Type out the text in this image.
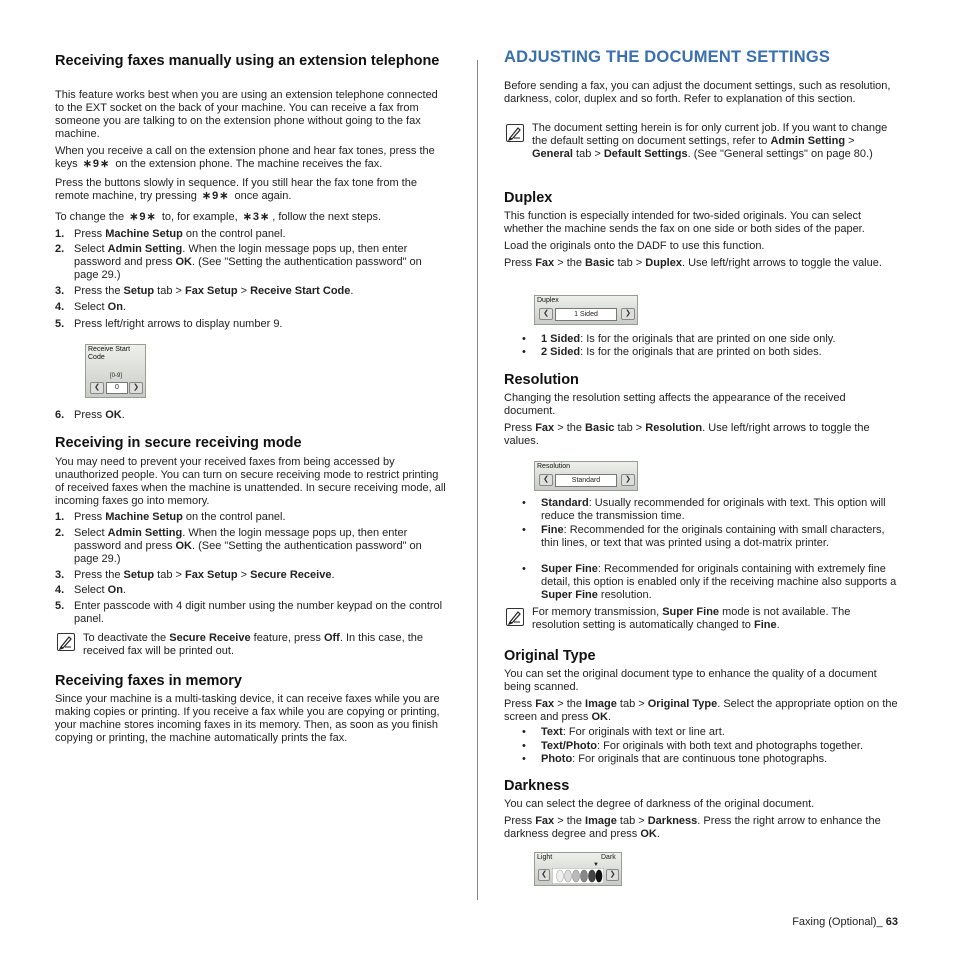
Receiving faxes manually using an extension telephone

This feature works best when you are using an extension telephone connected to the EXT socket on the back of your machine. You can receive a fax from someone you are talking to on the extension phone without going to the fax machine.

When you receive a call on the extension phone and hear fax tones, press the keys ∗9∗ on the extension phone. The machine receives the fax.

Press the buttons slowly in sequence. If you still hear the fax tone from the remote machine, try pressing ∗9∗ once again.

To change the ∗9∗ to, for example, ∗3∗ , follow the next steps.

1. Press Machine Setup on the control panel.
2. Select Admin Setting. When the login message pops up, then enter password and press OK. (See "Setting the authentication password" on page 29.)
3. Press the Setup tab > Fax Setup > Receive Start Code.
4. Select On.
5. Press left/right arrows to display number 9.
Receive Start Code
[0-9]
❮	0	❯
6. Press OK.
Receiving in secure receiving mode

You may need to prevent your received faxes from being accessed by unauthorized people. You can turn on secure receiving mode to restrict printing of received faxes when the machine is unattended. In secure receiving mode, all incoming faxes go into memory.

1. Press Machine Setup on the control panel.
2. Select Admin Setting. When the login message pops up, then enter password and press OK. (See "Setting the authentication password" on page 29.)
3. Press the Setup tab > Fax Setup > Secure Receive.
4. Select On.
5. Enter passcode with 4 digit number using the number keypad on the control panel.

To deactivate the Secure Receive feature, press Off. In this case, the received fax will be printed out.

Receiving faxes in memory

Since your machine is a multi-tasking device, it can receive faxes while you are making copies or printing. If you receive a fax while you are copying or printing, your machine stores incoming faxes in its memory. Then, as soon as you finish copying or printing, the machine automatically prints the fax.

ADJUSTING THE DOCUMENT SETTINGS

Before sending a fax, you can adjust the document settings, such as resolution, darkness, color, duplex and so forth. Refer to explanation of this section.

The document setting herein is for only current job. If you want to change the default setting on document settings, refer to Admin Setting > General tab > Default Settings. (See "General settings" on page 80.)

Duplex

This function is especially intended for two-sided originals. You can select whether the machine sends the fax on one side or both sides of the paper.

Load the originals onto the DADF to use this function.

Press Fax > the Basic tab > Duplex. Use left/right arrows to toggle the value.

Duplex
❮	1 Sided	❯
• 1 Sided: Is for the originals that are printed on one side only.
• 2 Sided: Is for the originals that are printed on both sides.
Resolution

Changing the resolution setting affects the appearance of the received document.

Press Fax > the Basic tab > Resolution. Use left/right arrows to toggle the values.

Resolution
❮	Standard	❯
• Standard: Usually recommended for originals with text. This option will reduce the transmission time.
• Fine: Recommended for the originals containing with small characters, thin lines, or text that was printed using a dot-matrix printer.
• Super Fine: Recommended for originals containing with extremely fine detail, this option is enabled only if the receiving machine also supports a Super Fine resolution.

For memory transmission, Super Fine mode is not available. The resolution setting is automatically changed to Fine.

Original Type

You can set the original document type to enhance the quality of a document being scanned.

Press Fax > the Image tab > Original Type. Select the appropriate option on the screen and press OK.

• Text: For originals with text or line art.
• Text/Photo: For originals with both text and photographs together.
• Photo: For originals that are continuous tone photographs.
Darkness

You can select the degree of darkness of the original document.

Press Fax > the Image tab > Darkness. Press the right arrow to enhance the darkness degree and press OK.

Light	Dark
▼
❮	❯
Faxing (Optional)_ 63
